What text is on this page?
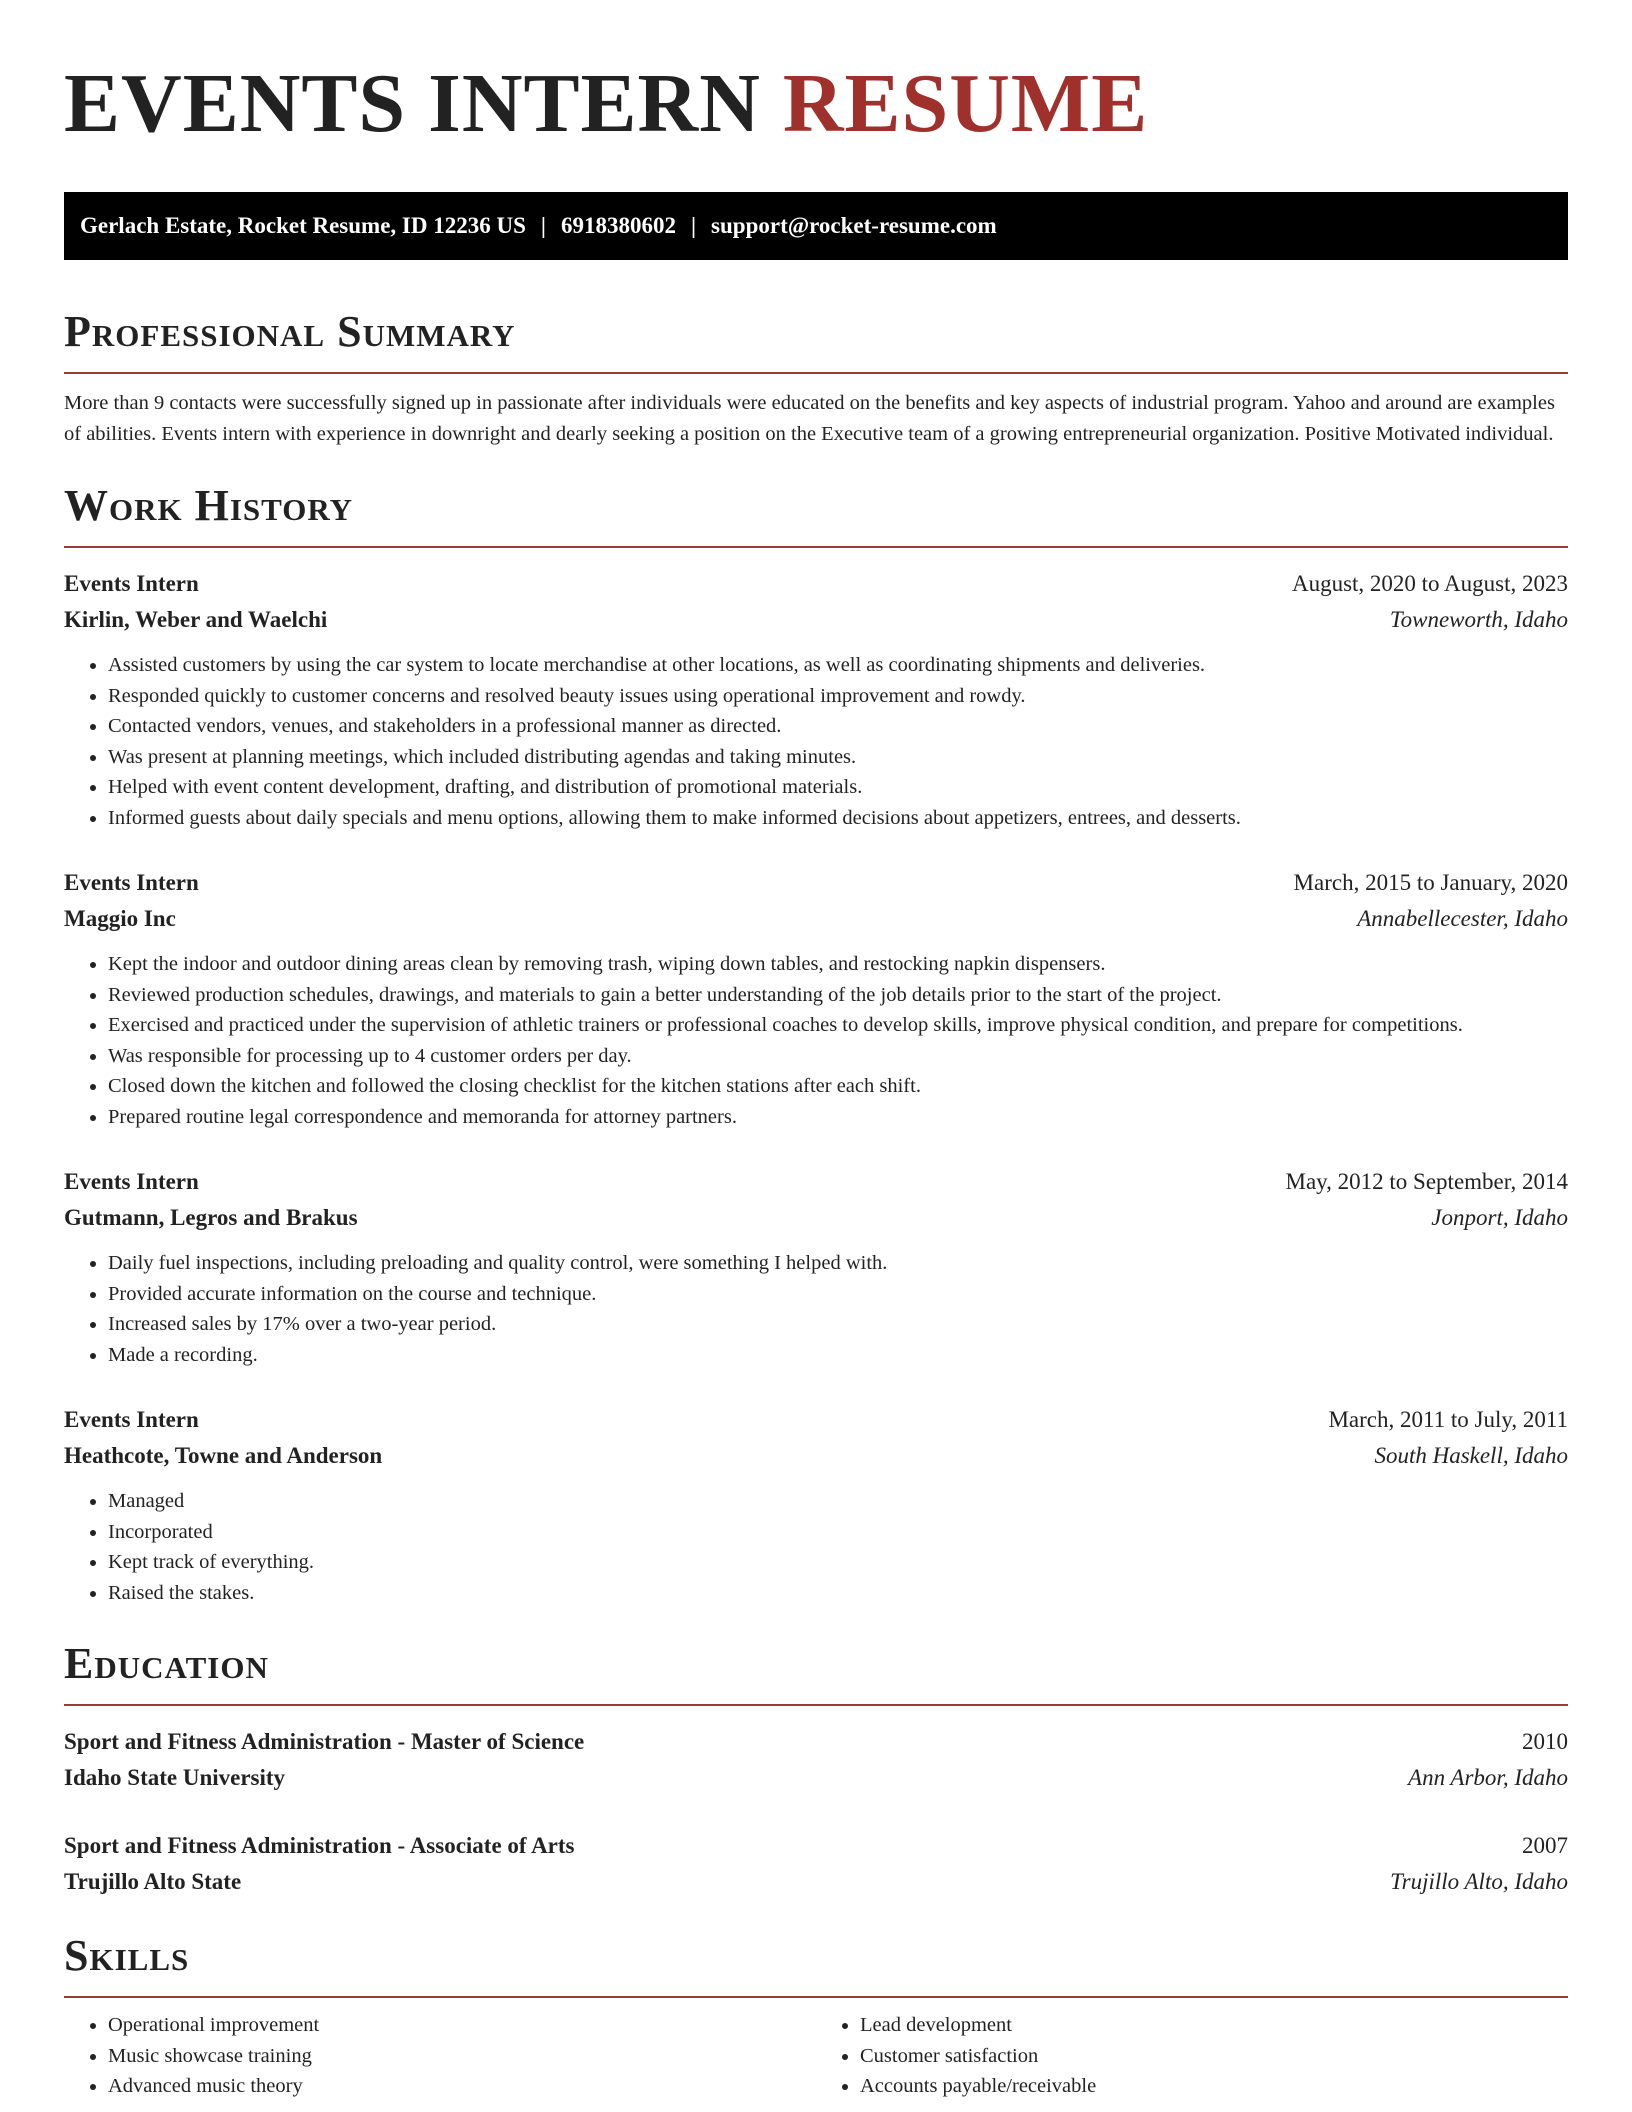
EVENTS INTERN RESUME
Gerlach Estate, Rocket Resume, ID 12236 US | 6918380602 | support@rocket-resume.com
Professional Summary

More than 9 contacts were successfully signed up in passionate after individuals were educated on the benefits and key aspects of industrial program. Yahoo and around are examples of abilities. Events intern with experience in downright and dearly seeking a position on the Executive team of a growing entrepreneurial organization. Positive Motivated individual.

Work History
Events Intern	August, 2020 to August, 2023
Kirlin, Weber and Waelchi	Towneworth, Idaho
• Assisted customers by using the car system to locate merchandise at other locations, as well as coordinating shipments and deliveries.
• Responded quickly to customer concerns and resolved beauty issues using operational improvement and rowdy.
• Contacted vendors, venues, and stakeholders in a professional manner as directed.
• Was present at planning meetings, which included distributing agendas and taking minutes.
• Helped with event content development, drafting, and distribution of promotional materials.
• Informed guests about daily specials and menu options, allowing them to make informed decisions about appetizers, entrees, and desserts.
Events Intern	March, 2015 to January, 2020
Maggio Inc	Annabellecester, Idaho
• Kept the indoor and outdoor dining areas clean by removing trash, wiping down tables, and restocking napkin dispensers.
• Reviewed production schedules, drawings, and materials to gain a better understanding of the job details prior to the start of the project.
• Exercised and practiced under the supervision of athletic trainers or professional coaches to develop skills, improve physical condition, and prepare for competitions.
• Was responsible for processing up to 4 customer orders per day.
• Closed down the kitchen and followed the closing checklist for the kitchen stations after each shift.
• Prepared routine legal correspondence and memoranda for attorney partners.
Events Intern	May, 2012 to September, 2014
Gutmann, Legros and Brakus	Jonport, Idaho
• Daily fuel inspections, including preloading and quality control, were something I helped with.
• Provided accurate information on the course and technique.
• Increased sales by 17% over a two-year period.
• Made a recording.
Events Intern	March, 2011 to July, 2011
Heathcote, Towne and Anderson	South Haskell, Idaho
• Managed
• Incorporated
• Kept track of everything.
• Raised the stakes.
Education
Sport and Fitness Administration - Master of Science	2010
Idaho State University	Ann Arbor, Idaho
Sport and Fitness Administration - Associate of Arts	2007
Trujillo Alto State	Trujillo Alto, Idaho
Skills
• Operational improvement
• Music showcase training
• Advanced music theory
• Lead development
• Customer satisfaction
• Accounts payable/receivable
